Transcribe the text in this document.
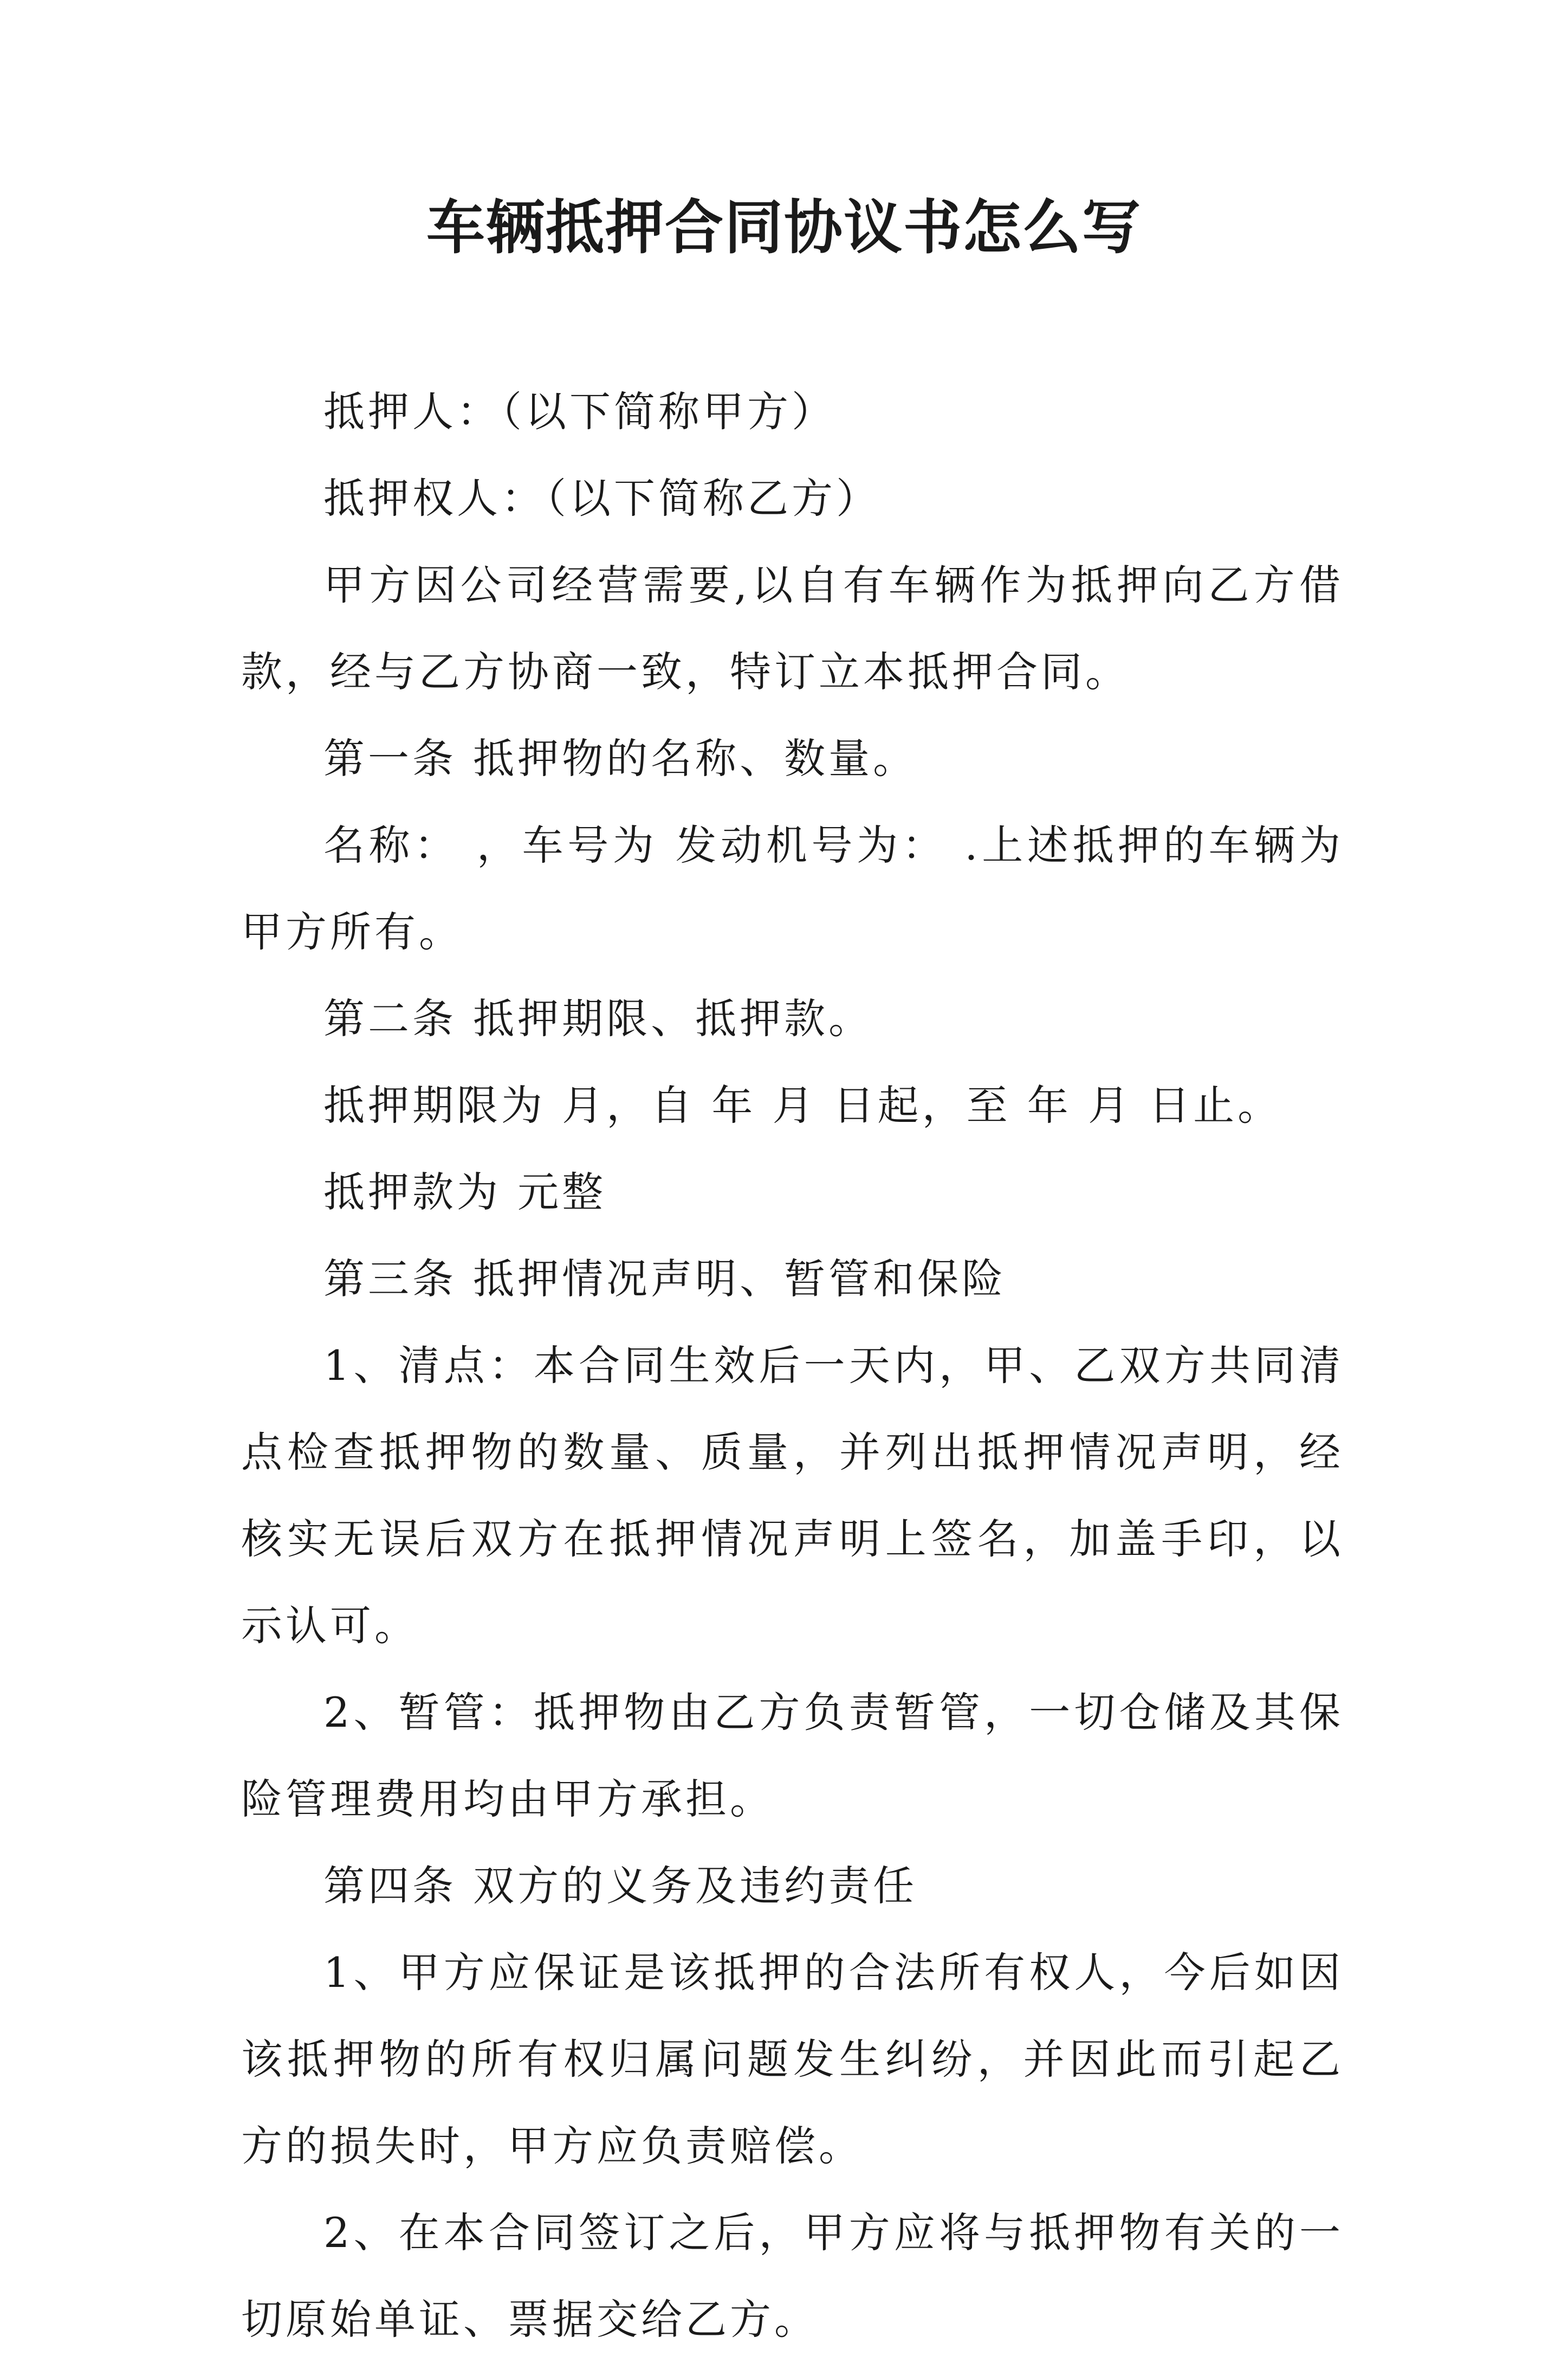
车辆抵押合同协议书怎么写

抵押人：（以下简称甲方）

抵押权人：（以下简称乙方）

甲方因公司经营需要,以自有车辆作为抵押向乙方借款，经与乙方协商一致，特订立本抵押合同。

第一条 抵押物的名称、数量。

名称： ，车号为 发动机号为： .上述抵押的车辆为甲方所有。

第二条 抵押期限、抵押款。

抵押期限为 月，自 年 月 日起，至 年 月 日止。

抵押款为 元整

第三条 抵押情况声明、暂管和保险

1、清点：本合同生效后一天内，甲、乙双方共同清点检查抵押物的数量、质量，并列出抵押情况声明，经核实无误后双方在抵押情况声明上签名，加盖手印，以示认可。

2、暂管：抵押物由乙方负责暂管，一切仓储及其保险管理费用均由甲方承担。

第四条 双方的义务及违约责任

1、甲方应保证是该抵押的合法所有权人，今后如因该抵押物的所有权归属问题发生纠纷，并因此而引起乙方的损失时，甲方应负责赔偿。

2、在本合同签订之后，甲方应将与抵押物有关的一切原始单证、票据交给乙方。
